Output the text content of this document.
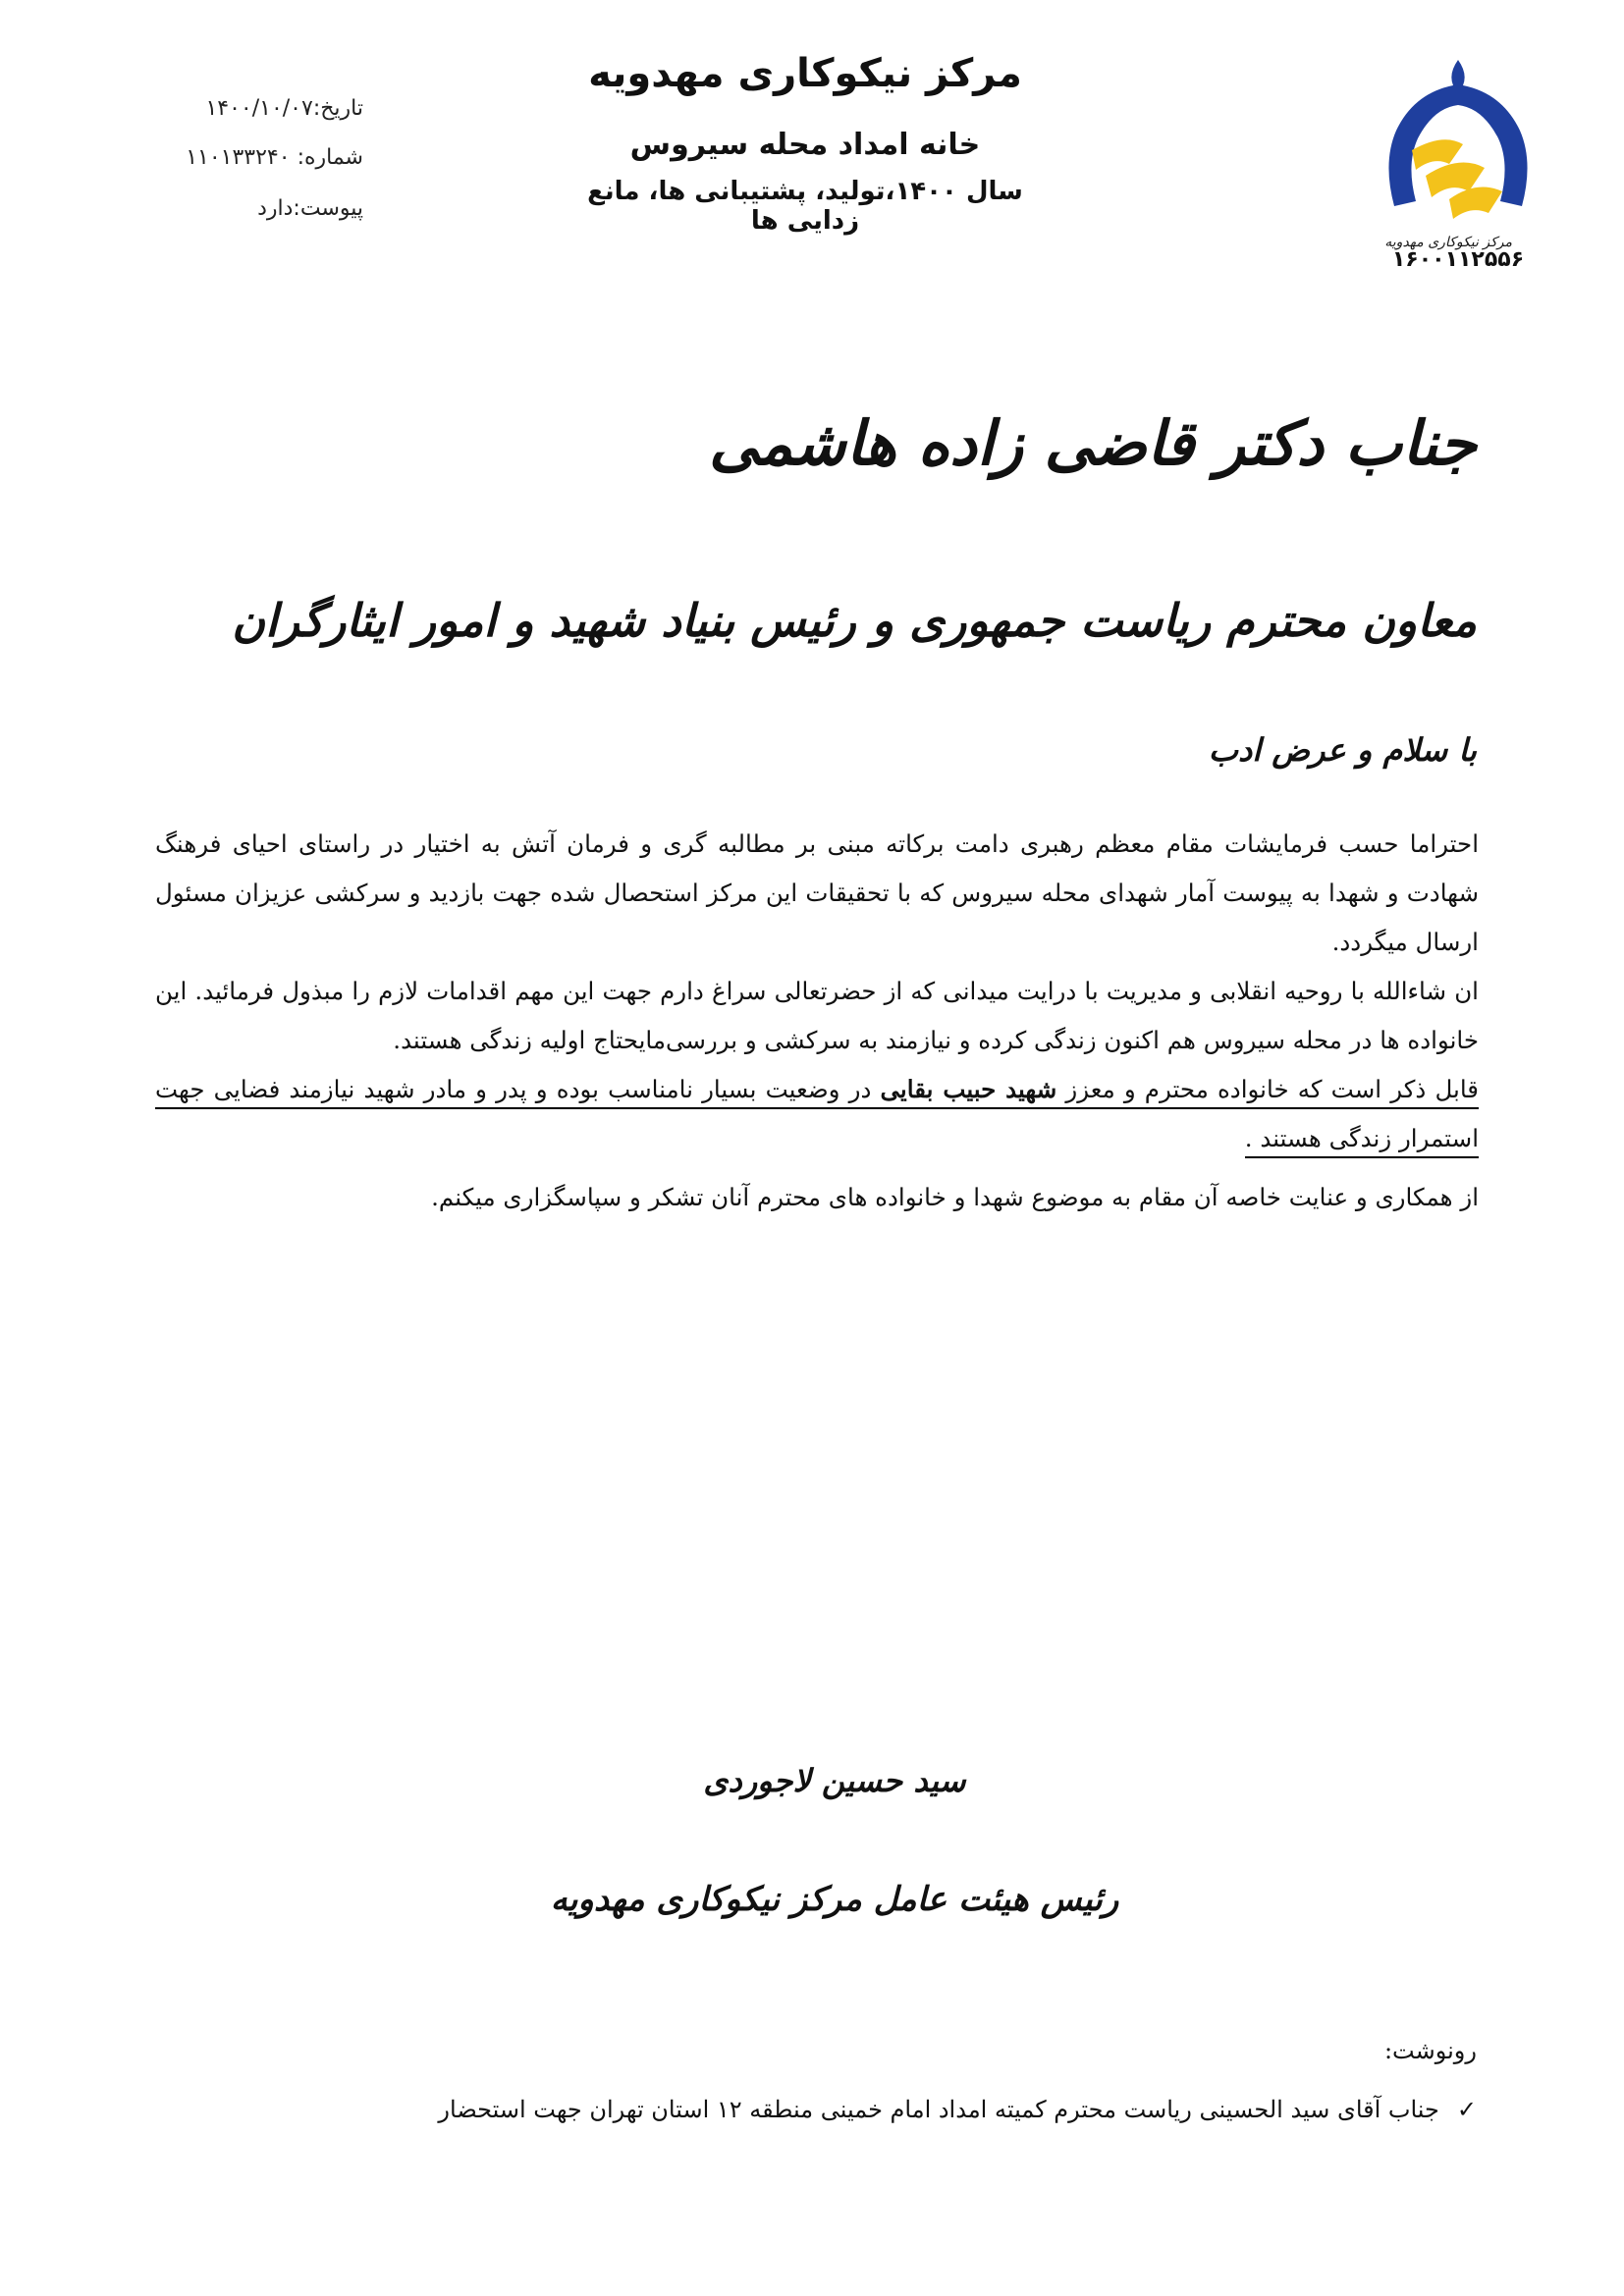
مرکز نیکوکاری مهدویه
خانه امداد محله سیروس
سال ۱۴۰۰،تولید، پشتیبانی ها، مانع زدایی ها
تاریخ:۱۴۰۰/۱۰/۰۷
شماره: ۱۱۰۱۳۳۲۴۰
پیوست:دارد
مرکز نیکوکاری مهدویه
۱۶۰۰۱۱۲۵۵۶
جناب دکتر قاضی زاده هاشمی
معاون محترم ریاست جمهوری و رئیس بنیاد شهید و امور ایثارگران
با سلام و عرض ادب

احتراما حسب فرمایشات مقام معظم رهبری دامت برکاته مبنی بر مطالبه گری و فرمان آتش به اختیار در راستای احیای فرهنگ شهادت و شهدا به پیوست آمار شهدای محله سیروس که با تحقیقات این مرکز استحصال شده جهت بازدید و سرکشی عزیزان مسئول ارسال میگردد.

ان شاءالله با روحیه انقلابی و مدیریت با درایت میدانی که از حضرتعالی سراغ دارم جهت این مهم اقدامات لازم را مبذول فرمائید. این خانواده ها در محله سیروس هم اکنون زندگی کرده و نیازمند به سرکشی و بررسی‌مایحتاج اولیه زندگی هستند.

قابل ذکر است که خانواده محترم و معزز شهید حبیب بقایی در وضعیت بسیار نامناسب بوده و پدر و مادر شهید نیازمند فضایی جهت استمرار زندگی هستند .

از همکاری و عنایت خاصه آن مقام به موضوع شهدا و خانواده های محترم آنان تشکر و سپاسگزاری میکنم.

سید حسین لاجوردی
رئیس هیئت عامل مرکز نیکوکاری مهدویه
رونوشت:
✓
جناب آقای سید الحسینی ریاست محترم کمیته امداد امام خمینی منطقه ۱۲ استان تهران جهت استحضار
